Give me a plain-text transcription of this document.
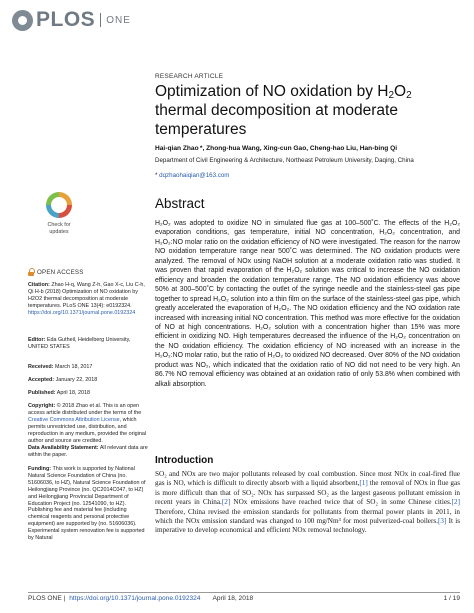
PLOS ONE
Check for
updates
OPEN ACCESS
Citation: Zhao H-q, Wang Z-h, Gao X-c, Liu C-h, Qi H-b (2018) Optimization of NO oxidation by H2O2 thermal decomposition at moderate temperatures. PLoS ONE 13(4): e0192324. https://doi.org/10.1371/journal.pone.0192324
Editor: Eda Gutheil, Heidelberg University, UNITED STATES
Received: March 18, 2017
Accepted: January 22, 2018
Published: April 18, 2018
Copyright: © 2018 Zhao et al. This is an open access article distributed under the terms of the Creative Commons Attribution License, which permits unrestricted use, distribution, and reproduction in any medium, provided the original author and source are credited.
Data Availability Statement: All relevant data are within the paper.
Funding: This work is supported by National Natural Science Foundation of China (no. 51606036, to HZ), Natural Science Foundation of Heilongjiang Province (no. QC2014C047, to HZ) and Heilongjiang Provincial Department of Education Project (no. 12541090, to HZ). Publishing fee and material fee (including chemical reagents and personal protective equipment) are supported by (no. 51606036). Experimental system renovation fee is supported by Natural
RESEARCH ARTICLE
Optimization of NO oxidation by $H_2O_2$ thermal decomposition at moderate temperatures
Hai-qian Zhao *, Zhong-hua Wang, Xing-cun Gao, Cheng-hao Liu, Han-bing Qi
Department of Civil Engineering & Architecture, Northeast Petroleum University, Daqing, China
* dqzhaohaiqian@163.com
Abstract
H₂O₂ was adopted to oxidize NO in simulated flue gas at 100–500˚C. The effects of the H₂O₂ evaporation conditions, gas temperature, initial NO concentration, H₂O₂ concentration, and H₂O₂:NO molar ratio on the oxidation efficiency of NO were investigated. The reason for the narrow NO oxidation temperature range near 500˚C was determined. The NO oxidation products were analyzed. The removal of NOx using NaOH solution at a moderate oxidation ratio was studied. It was proven that rapid evaporation of the H₂O₂ solution was critical to increase the NO oxidation efficiency and broaden the oxidation temperature range. The NO oxidation efficiency was above 50% at 300–500˚C by contacting the outlet of the syringe needle and the stainless-steel gas pipe together to spread H₂O₂ solution into a thin film on the surface of the stainless-steel gas pipe, which greatly accelerated the evaporation of H₂O₂. The NO oxidation efficiency and the NO oxidation rate increased with increasing initial NO concentration. This method was more effective for the oxidation of NO at high concentrations. H₂O₂ solution with a concentration higher than 15% was more efficient in oxidizing NO. High temperatures decreased the influence of the H₂O₂ concentration on the NO oxidation efficiency. The oxidation efficiency of NO increased with an increase in the H₂O₂:NO molar ratio, but the ratio of H₂O₂ to oxidized NO decreased. Over 80% of the NO oxidation product was NO₂, which indicated that the oxidation ratio of NO did not need to be very high. An 86.7% NO removal efficiency was obtained at an oxidation ratio of only 53.8% when combined with alkali absorption.
Introduction
SO₂ and NOx are two major pollutants released by coal combustion. Since most NOx in coal-fired flue gas is NO, which is difficult to directly absorb with a liquid absorbent,[1] the removal of NOx in flue gas is more difficult than that of SO₂. NOx has surpassed SO₂ as the largest gaseous pollutant emission in recent years in China.[2] NOx emissions have reached twice that of SO₂ in some Chinese cities.[2] Therefore, China revised the emission standards for pollutants from thermal power plants in 2011, in which the NOx emission standard was changed to 100 mg/Nm³ for most pulverized-coal boilers.[3] It is imperative to develop economical and efficient NOx removal technology.
PLOS ONE | https://doi.org/10.1371/journal.pone.0192324 April 18, 2018	1 / 19
